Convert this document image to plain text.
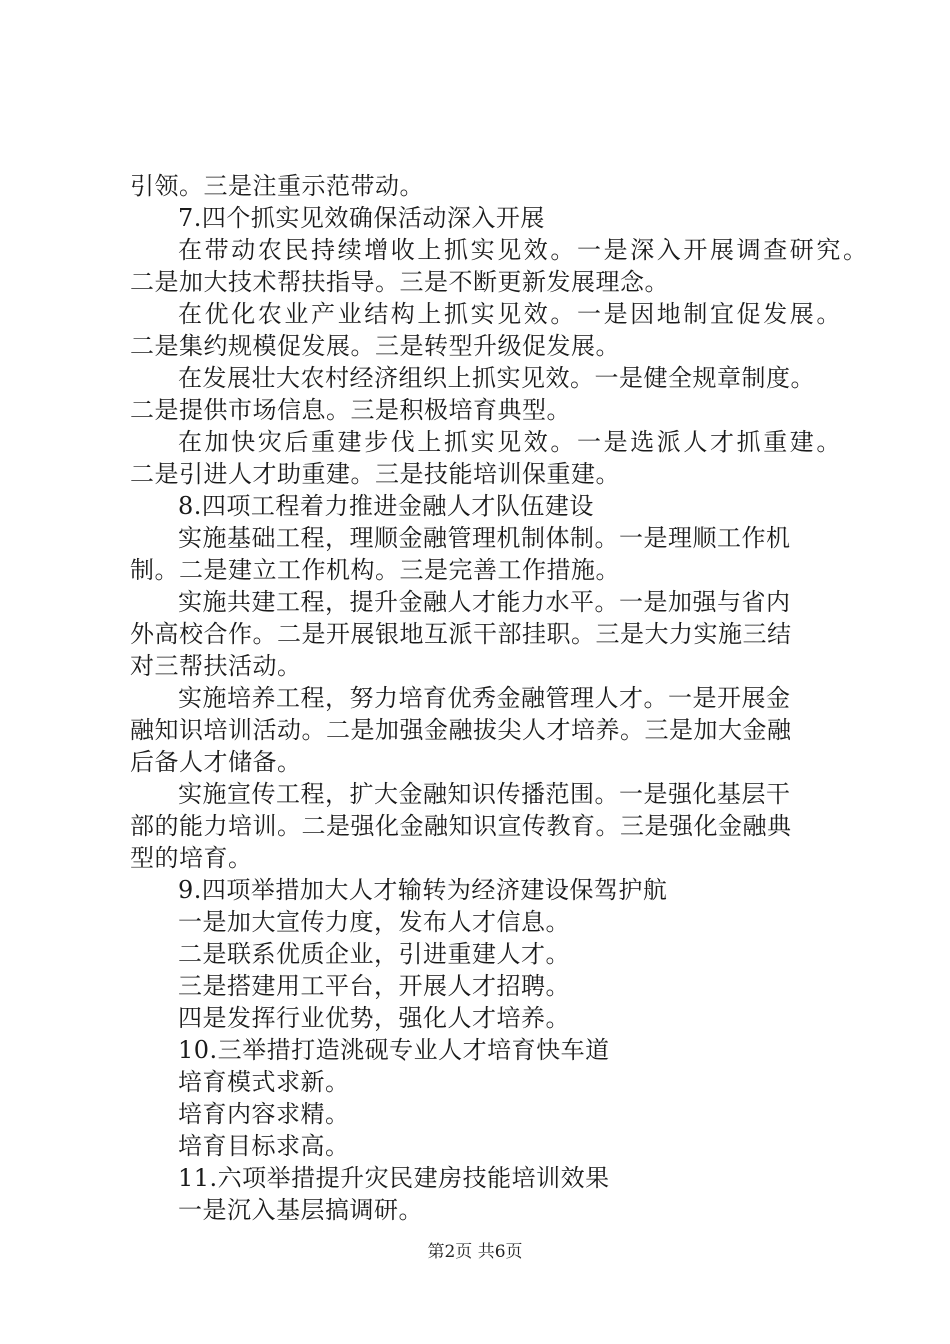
引领。三是注重示范带动。
7.四个抓实见效确保活动深入开展
在带动农民持续增收上抓实见效。一是深入开展调查研究。
二是加大技术帮扶指导。三是不断更新发展理念。
在优化农业产业结构上抓实见效。一是因地制宜促发展。
二是集约规模促发展。三是转型升级促发展。
在发展壮大农村经济组织上抓实见效。一是健全规章制度。
二是提供市场信息。三是积极培育典型。
在加快灾后重建步伐上抓实见效。一是选派人才抓重建。
二是引进人才助重建。三是技能培训保重建。
8.四项工程着力推进金融人才队伍建设
实施基础工程，理顺金融管理机制体制。一是理顺工作机
制。二是建立工作机构。三是完善工作措施。
实施共建工程，提升金融人才能力水平。一是加强与省内
外高校合作。二是开展银地互派干部挂职。三是大力实施三结
对三帮扶活动。
实施培养工程，努力培育优秀金融管理人才。一是开展金
融知识培训活动。二是加强金融拔尖人才培养。三是加大金融
后备人才储备。
实施宣传工程，扩大金融知识传播范围。一是强化基层干
部的能力培训。二是强化金融知识宣传教育。三是强化金融典
型的培育。
9.四项举措加大人才输转为经济建设保驾护航
一是加大宣传力度，发布人才信息。
二是联系优质企业，引进重建人才。
三是搭建用工平台，开展人才招聘。
四是发挥行业优势，强化人才培养。
10.三举措打造洮砚专业人才培育快车道
培育模式求新。
培育内容求精。
培育目标求高。
11.六项举措提升灾民建房技能培训效果
一是沉入基层搞调研。
第2页 共6页
